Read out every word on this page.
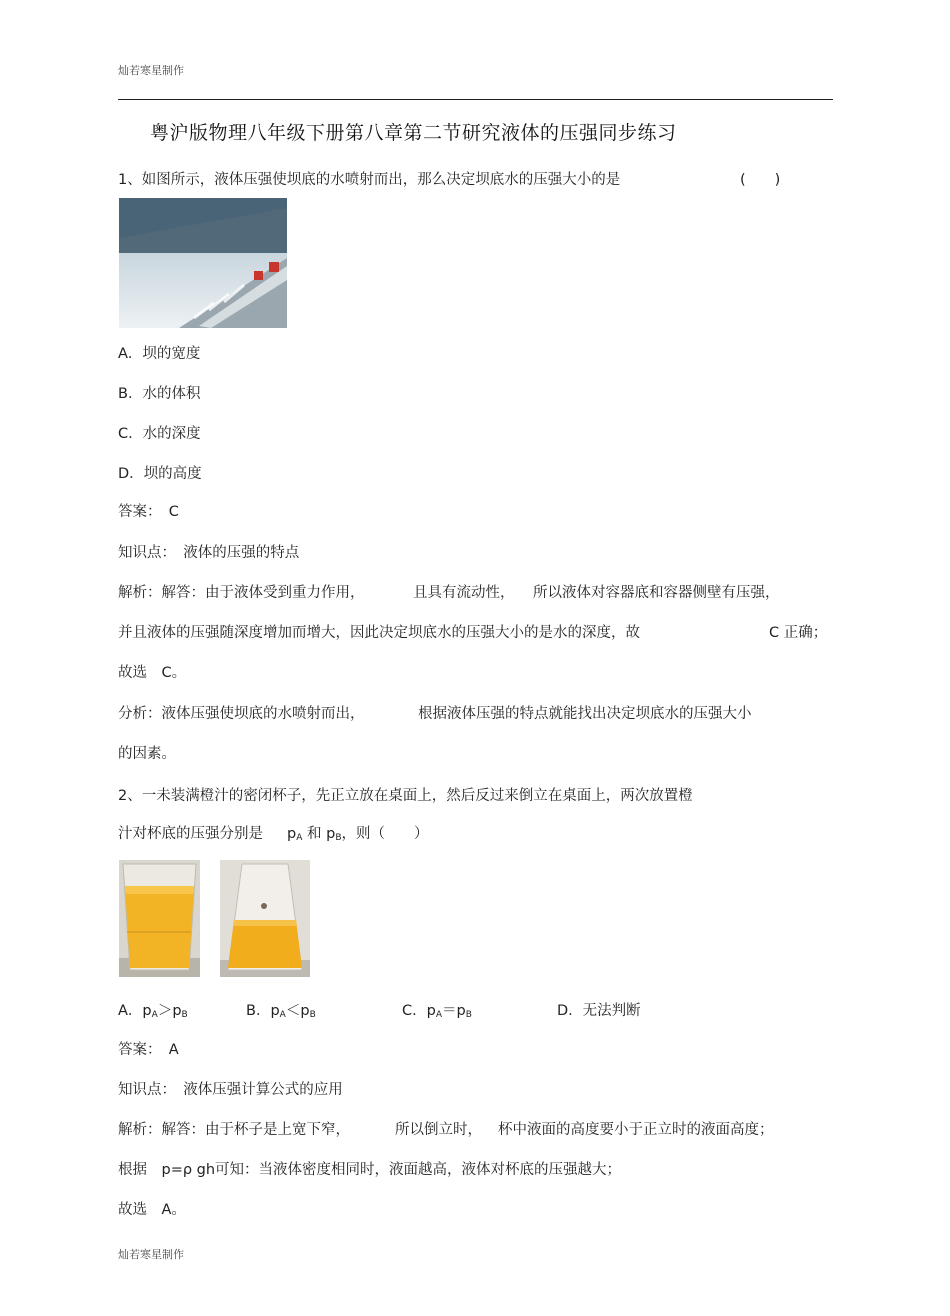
灿若寒星制作
粤沪版物理八年级下册第八章第二节研究液体的压强同步练习
1、如图所示，液体压强使坝底的水喷射而出，那么决定坝底水的压强大小的是	(　　)
A．坝的宽度
B．水的体积
C．水的深度
D．坝的高度
答案：　C
知识点：　液体的压强的特点
解析：解答：由于液体受到重力作用，	且具有流动性， 所以液体对容器底和容器侧壁有压强，
并且液体的压强随深度增加而增大，因此决定坝底水的压强大小的是水的深度，故	C 正确；
故选　C。
分析：液体压强使坝底的水喷射而出，	根据液体压强的特点就能找出决定坝底水的压强大小
的因素。
2、一未装满橙汁的密闭杯子，先正立放在桌面上，然后反过来倒立在桌面上，两次放置橙
汁对杯底的压强分别是 $p_A$ 和 $p_B$，则（　　）
A．$p_A>p_B$	B．$p_A<p_B$	C．$p_A=p_B$	D．无法判断
答案：　A
知识点：　液体压强计算公式的应用
解析：解答：由于杯子是上宽下窄，	所以倒立时， 杯中液面的高度要小于正立时的液面高度；
根据　p=ρ gh可知：当液体密度相同时，液面越高，液体对杯底的压强越大；
故选　A。
灿若寒星制作
